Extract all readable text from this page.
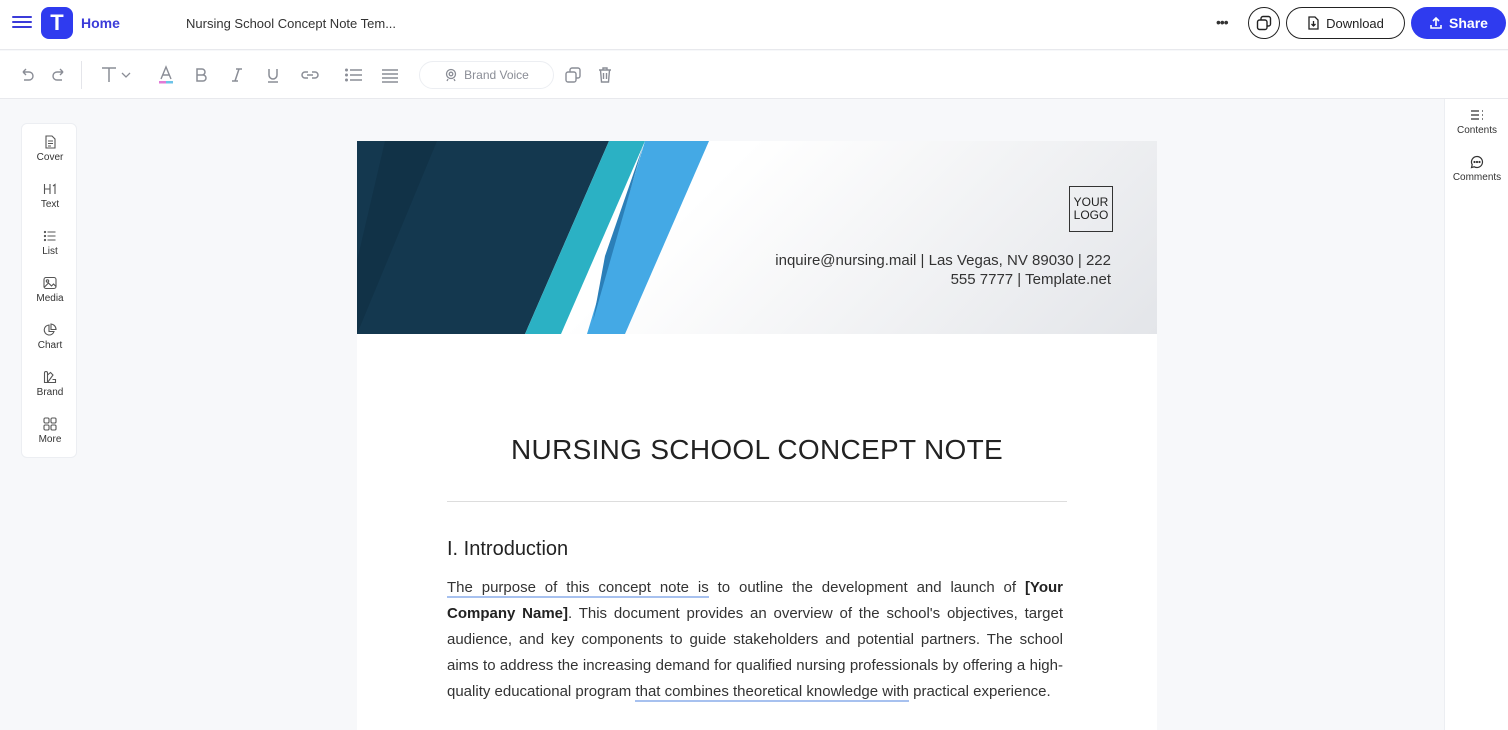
T	Home	Nursing School Concept Note Tem...	•••	Download	Share
Brand Voice
Cover
Text
List
Media
Chart
Brand
More
Contents
Comments
YOUR
LOGO
inquire@nursing.mail | Las Vegas, NV 89030 | 222
555 7777 | Template.net
NURSING SCHOOL CONCEPT NOTE
I. Introduction
The purpose of this concept note is to outline the development and launch of [Your Company Name]. This document provides an overview of the school's objectives, target audience, and key components to guide stakeholders and potential partners. The school aims to address the increasing demand for qualified nursing professionals by offering a high-quality educational program that combines theoretical knowledge with practical experience.
